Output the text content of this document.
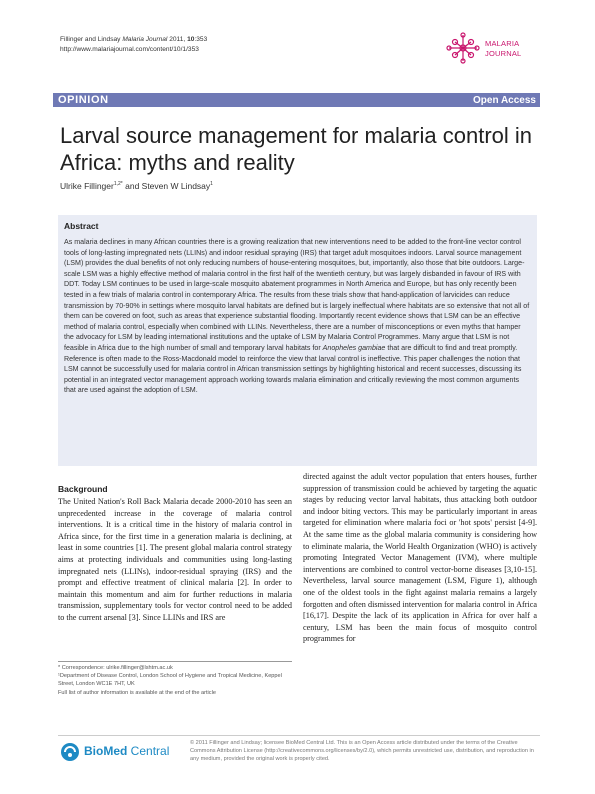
Fillinger and Lindsay Malaria Journal 2011, 10:353
http://www.malariajournal.com/content/10/1/353
MALARIA
JOURNAL
OPINION	Open Access
Larval source management for malaria control in Africa: myths and reality
Ulrike Fillinger$^{1,2*}$ and Steven W Lindsay$^1$
Abstract

As malaria declines in many African countries there is a growing realization that new interventions need to be added to the front-line vector control tools of long-lasting impregnated nets (LLINs) and indoor residual spraying (IRS) that target adult mosquitoes indoors. Larval source management (LSM) provides the dual benefits of not only reducing numbers of house-entering mosquitoes, but, importantly, also those that bite outdoors. Large-scale LSM was a highly effective method of malaria control in the first half of the twentieth century, but was largely disbanded in favour of IRS with DDT. Today LSM continues to be used in large-scale mosquito abatement programmes in North America and Europe, but has only recently been tested in a few trials of malaria control in contemporary Africa. The results from these trials show that hand-application of larvicides can reduce transmission by 70-90% in settings where mosquito larval habitats are defined but is largely ineffectual where habitats are so extensive that not all of them can be covered on foot, such as areas that experience substantial flooding. Importantly recent evidence shows that LSM can be an effective method of malaria control, especially when combined with LLINs. Nevertheless, there are a number of misconceptions or even myths that hamper the advocacy for LSM by leading international institutions and the uptake of LSM by Malaria Control Programmes. Many argue that LSM is not feasible in Africa due to the high number of small and temporary larval habitats for Anopheles gambiae that are difficult to find and treat promptly. Reference is often made to the Ross-Macdonald model to reinforce the view that larval control is ineffective. This paper challenges the notion that LSM cannot be successfully used for malaria control in African transmission settings by highlighting historical and recent successes, discussing its potential in an integrated vector management approach working towards malaria elimination and critically reviewing the most common arguments that are used against the adoption of LSM.

Background

The United Nation's Roll Back Malaria decade 2000-2010 has seen an unprecedented increase in the coverage of malaria control interventions. It is a critical time in the history of malaria control in Africa since, for the first time in a generation malaria is declining, at least in some countries [1]. The present global malaria control strategy aims at protecting individuals and communities using long-lasting impregnated nets (LLINs), indoor-residual spraying (IRS) and the prompt and effective treatment of clinical malaria [2]. In order to maintain this momentum and aim for further reductions in malaria transmission, supplementary tools for vector control need to be added to the current arsenal [3]. Since LLINs and IRS are

directed against the adult vector population that enters houses, further suppression of transmission could be achieved by targeting the aquatic stages by reducing vector larval habitats, thus attacking both outdoor and indoor biting vectors. This may be particularly important in areas targeted for elimination where malaria foci or 'hot spots' persist [4-9]. At the same time as the global malaria community is considering how to eliminate malaria, the World Health Organization (WHO) is actively promoting Integrated Vector Management (IVM), where multiple interventions are combined to control vector-borne diseases [3,10-15]. Nevertheless, larval source management (LSM, Figure 1), although one of the oldest tools in the fight against malaria remains a largely forgotten and often dismissed intervention for malaria control in Africa [16,17]. Despite the lack of its application in Africa for over half a century, LSM has been the main focus of mosquito control programmes for

* Correspondence: ulrike.fillinger@lshtm.ac.uk

¹Department of Disease Control, London School of Hygiene and Tropical Medicine, Keppel Street, London WC1E 7HT, UK

Full list of author information is available at the end of the article

BioMed Central

© 2011 Fillinger and Lindsay; licensee BioMed Central Ltd. This is an Open Access article distributed under the terms of the Creative Commons Attribution License (http://creativecommons.org/licenses/by/2.0), which permits unrestricted use, distribution, and reproduction in any medium, provided the original work is properly cited.
